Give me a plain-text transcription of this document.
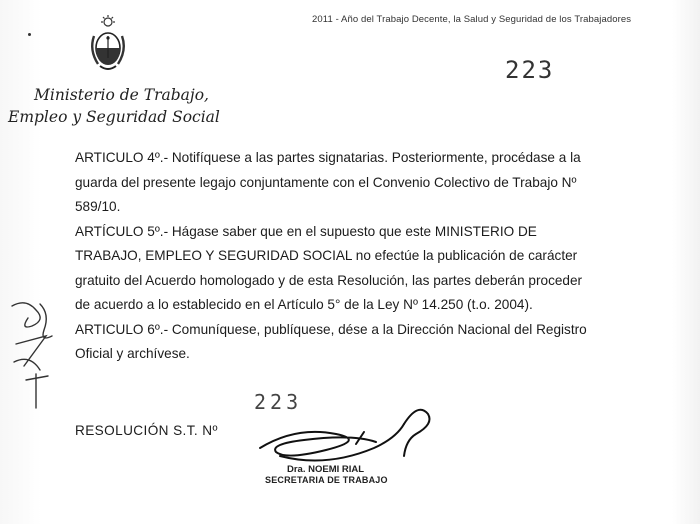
Ministerio de Trabajo,
Empleo y Seguridad Social
2011 - Año del Trabajo Decente, la Salud y Seguridad de los Trabajadores
223

ARTICULO 4º.- Notifíquese a las partes signatarias. Posteriormente, procédase a la

guarda del presente legajo conjuntamente con el Convenio Colectivo de Trabajo Nº

589/10.

ARTÍCULO 5º.- Hágase saber que en el supuesto que este MINISTERIO DE

TRABAJO, EMPLEO Y SEGURIDAD SOCIAL no efectúe la publicación de carácter

gratuito del Acuerdo homologado y de esta Resolución, las partes deberán proceder

de acuerdo a lo establecido en el Artículo 5° de la Ley Nº 14.250 (t.o. 2004).

ARTICULO 6º.- Comuníquese, publíquese, dése a la Dirección Nacional del Registro

Oficial y archívese.

223
RESOLUCIÓN S.T. Nº
Dra. NOEMI RIAL
SECRETARIA DE TRABAJO
